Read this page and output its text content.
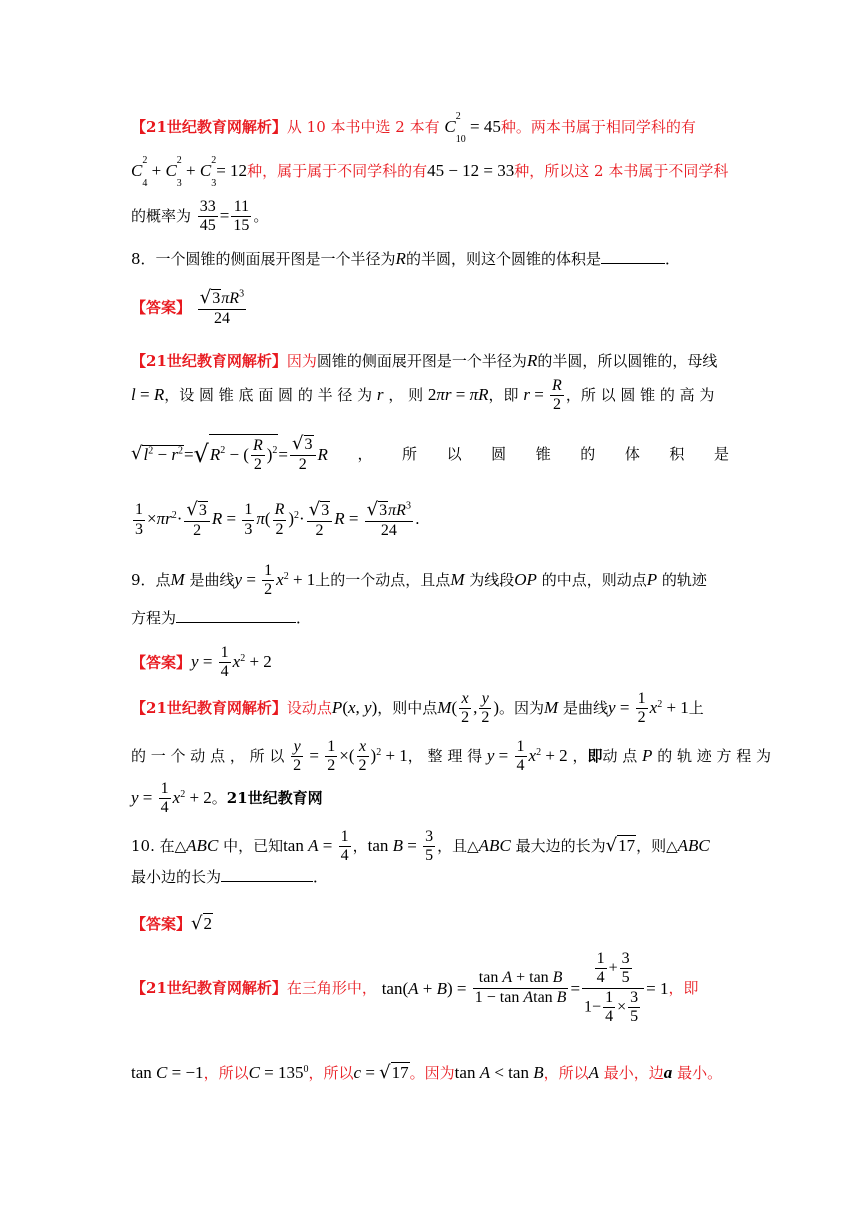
【21世纪教育网解析】从 10 本书中选 2 本有 C
2
$_{10}$ = 45种。两本书属于相同学科的有
C
2
$_4$ + C
2
$_3$ + C
2
$_3$= 12种，属于属于不同学科的有45 − 12 = 33种，所以这 2 本书属于不同学科
的概率为 $\frac{33}{45} = \frac{11}{15}$ 。
8．一个圆锥的侧面展开图是一个半径为R的半圆，则这个圆锥的体积是	．
【答案】 $\frac{√3\pi R^3}{24}$
【21世纪教育网解析】因为圆锥的侧面展开图是一个半径为R的半圆，所以圆锥的，母线
l = R，设 圆 锥 底 面 圆 的 半 径 为 r ， 则 2πr = πR，即 $r = \frac{R}{2}$ ，所 以 圆 锥 的 高 为
√ $l^2 - r^2$ = √ $R^2$ − ( $\frac{R}{2} )^2 = \frac{√3}{2}$ R ， 所 以 圆 锥 的 体 积 是
$\frac{1}{3} \times\pi r^2\cdot \frac{√3}{2}$ $R = \frac{1}{3} \pi( \frac{R}{2} )^2\cdot \frac{√3}{2}$ $R = \frac{√3\pi R^3}{24}$ .
9．点M 是曲线$y = \frac{1}{2} x^2 + 1$上的一个动点，且点M 为线段OP 的中点，则动点P 的轨迹
方程为	．
【答案】$y = \frac{1}{4} x^2 + 2$
【21世纪教育网解析】设动点P(x, y)，则中点$M( \frac{x}{2}$ , $\frac{y}{2}$ )。因为M 是曲线$y = \frac{1}{2} x^2 + 1$上
的 一 个 动 点 ， 所 以 $\frac{y}{2} = \frac{1}{2}$ ×( $\frac{x}{2} )^2 + 1$， 整 理 得 $y = \frac{1}{4} x^2 + 2$ ，即动 点 P 的 轨 迹 方 程 为
$y = \frac{1}{4} x^2 + 2$。21世纪教育网
10. 在△ABC 中，已知$\tan A = \frac{1}{4}$ ，$\tan B = \frac{3}{5}$ ，且△ABC 最大边的长为√17，则△ABC
最小边的长为	．
【答案】√2
【21世纪教育网解析】在三角形中， $\tan(A + B) = \frac{\text{tan A + tan B}}{\text{1 − tan Atan B}} = \frac{\frac{1}{4} + \frac{3}{5}}{1- \frac{1}{4} \times \frac{3}{5}} = 1$，即
tan C = −1，所以$C = 135^0$，所以c = √17。因为tan A < tan B，所以A 最小，边a 最小。
